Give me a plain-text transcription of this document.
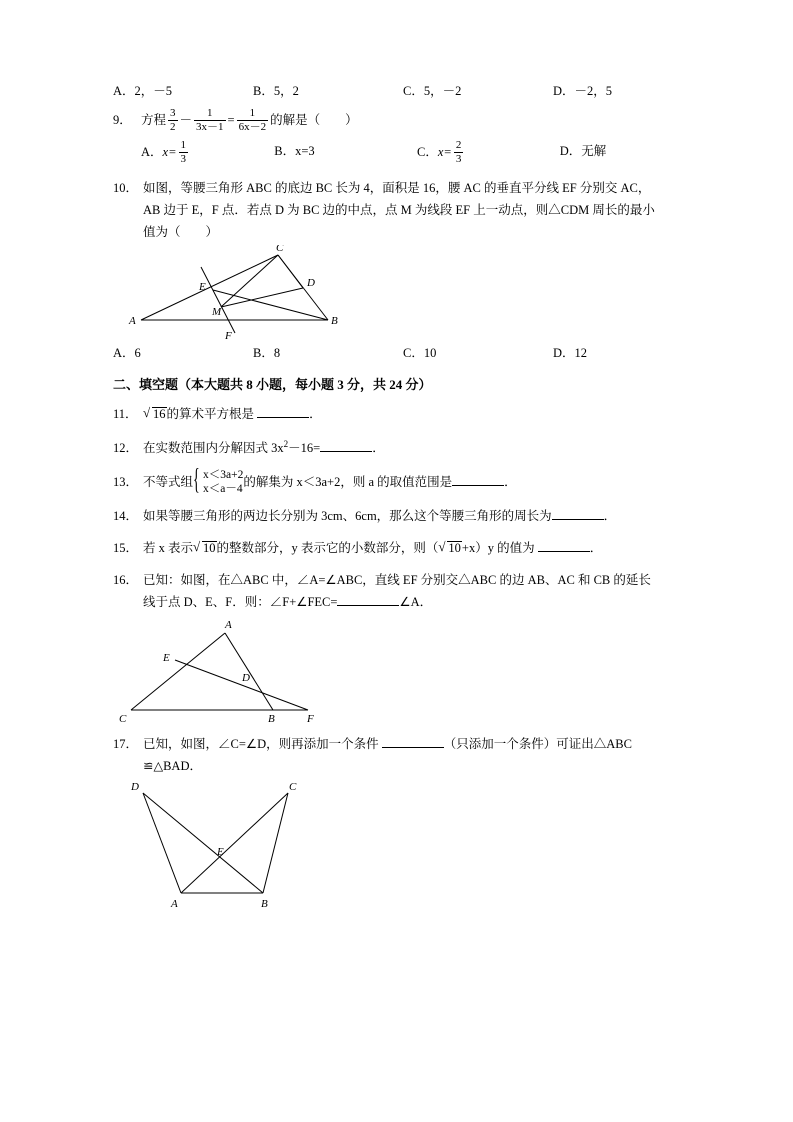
A．2，－5	B．5，2	C．5，－2	D．－2，5
9． 方程 $\frac{3}{2} - \frac{1}{3x-1} = \frac{1}{6x-2}$ 的解是（　　）
A．$x= \frac{1}{3}$	B．x=3	C．$x= \frac{2}{3}$	D．无解
10． 如图，等腰三角形 ABC 的底边 BC 长为 4，面积是 16，腰 AC 的垂直平分线 EF 分别交 AC，
AB 边于 E，F 点．若点 D 为 BC 边的中点，点 M 为线段 EF 上一动点，则△CDM 周长的最小
值为（　　）
C
E	D
A
M
F
B
A．6	B．8	C．10	D．12
二、填空题（本大题共 8 小题，每小题 3 分，共 24 分）
11． √ 16的算术平方根是	．
12． 在实数范围内分解因式 $3x^2-16=$	．
13． 不等式组 { x＜3a+2
x＜a－4
的解集为 x＜3a+2，则 a 的取值范围是	．
14． 如果等腰三角形的两边长分别为 3cm、6cm，那么这个等腰三角形的周长为	．
15． 若 x 表示 √ 10的整数部分，y 表示它的小数部分，则（ √ 10+x）y 的值为	．
16． 已知：如图，在△ABC 中，∠A=∠ABC，直线 EF 分别交△ABC 的边 AB、AC 和 CB 的延长
线于点 D、E、F．则：∠F+∠FEC=	∠A．
A
E
D
C	B	F
17． 已知，如图，∠C=∠D，则再添加一个条件	（只添加一个条件）可证出△ABC
≌△BAD．
D	C
E
A	B
